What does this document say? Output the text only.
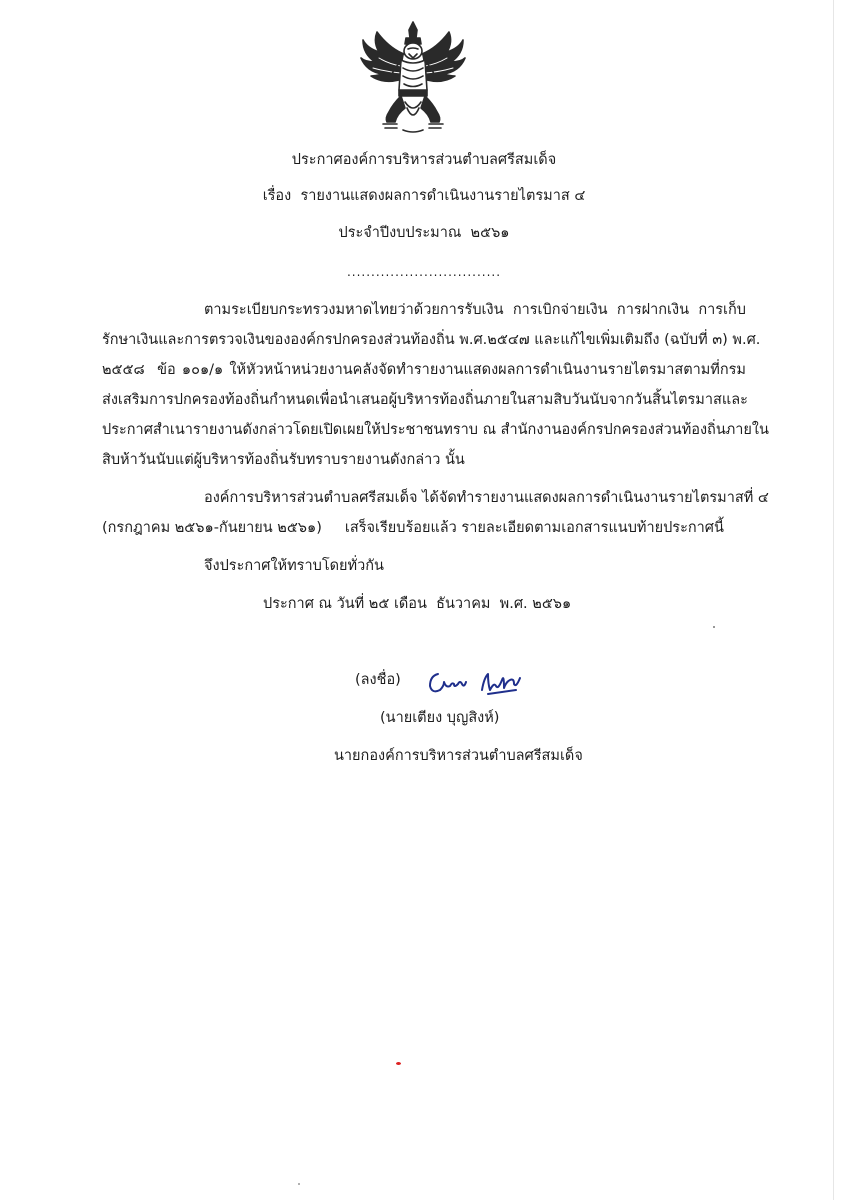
ประกาศองค์การบริหารส่วนตำบลศรีสมเด็จ
เรื่อง  รายงานแสดงผลการดำเนินงานรายไตรมาส ๔
ประจำปีงบประมาณ  ๒๕๖๑
................................
ตามระเบียบกระทรวงมหาดไทยว่าด้วยการรับเงิน การเบิกจ่ายเงิน การฝากเงิน การเก็บ
รักษาเงินและการตรวจเงินขององค์กรปกครองส่วนท้องถิ่น พ.ศ.๒๕๔๗ และแก้ไขเพิ่มเติมถึง (ฉบับที่ ๓) พ.ศ.
๒๕๕๘  ข้อ ๑๐๑/๑ ให้หัวหน้าหน่วยงานคลังจัดทำรายงานแสดงผลการดำเนินงานรายไตรมาสตามที่กรม
ส่งเสริมการปกครองท้องถิ่นกำหนดเพื่อนำเสนอผู้บริหารท้องถิ่นภายในสามสิบวันนับจากวันสิ้นไตรมาสและ
ประกาศสำเนารายงานดังกล่าวโดยเปิดเผยให้ประชาชนทราบ ณ สำนักงานองค์กรปกครองส่วนท้องถิ่นภายใน
สิบห้าวันนับแต่ผู้บริหารท้องถิ่นรับทราบรายงานดังกล่าว นั้น
องค์การบริหารส่วนตำบลศรีสมเด็จ ได้จัดทำรายงานแสดงผลการดำเนินงานรายไตรมาสที่ ๔
(กรกฎาคม ๒๕๖๑-กันยายน ๒๕๖๑)     เสร็จเรียบร้อยแล้ว รายละเอียดตามเอกสารแนบท้ายประกาศนี้
จึงประกาศให้ทราบโดยทั่วกัน
ประกาศ ณ วันที่ ๒๕ เดือน  ธันวาคม  พ.ศ. ๒๕๖๑
(ลงชื่อ)
(นายเตียง บุญสิงห์)
นายกองค์การบริหารส่วนตำบลศรีสมเด็จ
